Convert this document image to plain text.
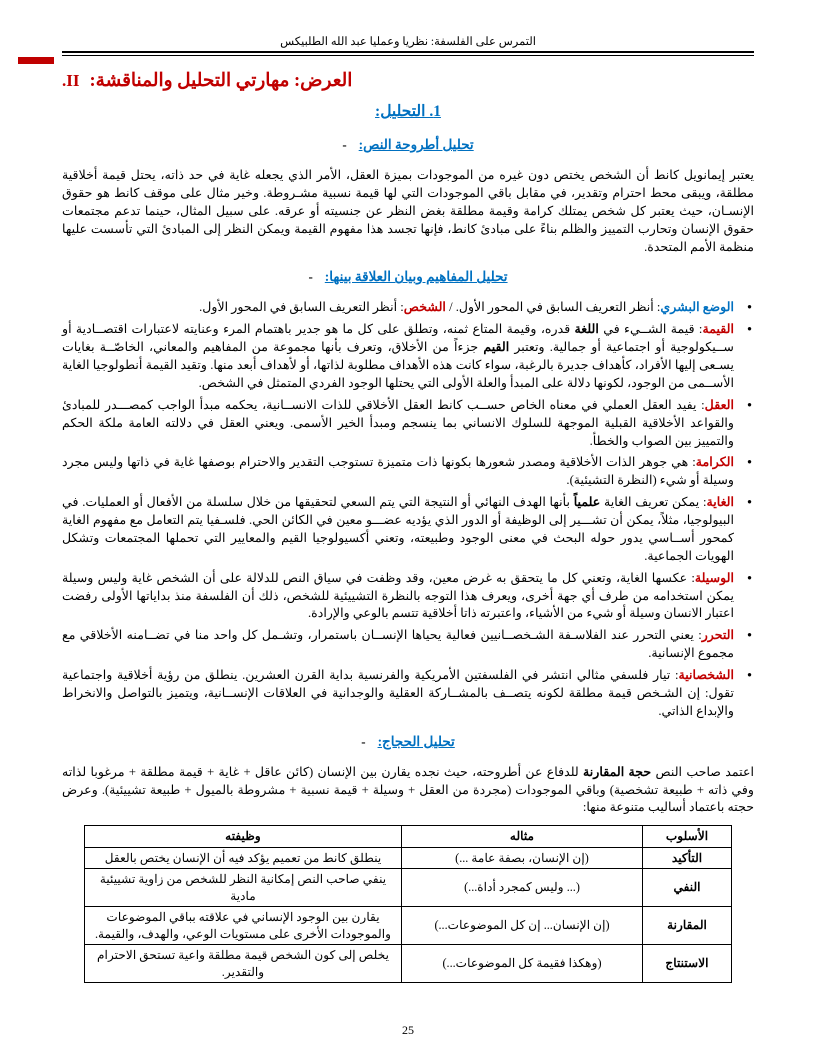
التمرس على الفلسفة: نظريا وعمليا عبد الله الطلبيكس
العرض: مهارتي التحليل والمناقشة:
II.
1. التحليل:
تحليل أطروحة النص:
-

يعتبر إيمانويل كانط أن الشخص يختص دون غيره من الموجودات بميزة العقل، الأمر الذي يجعله غاية في حد ذاته، يحتل قيمة أخلاقية مطلقة، ويبقى محط احترام وتقدير، في مقابل باقي الموجودات التي لها قيمة نسبية مشـروطة. وخير مثال على موقف كانط هو حقوق الإنسـان، حيث يعتبر كل شخص يمتلك كرامة وقيمة مطلقة بغض النظر عن جنسيته أو عرقه. على سبيل المثال، حينما تدعم مجتمعات حقوق الإنسان وتحارب التمييز والظلم بناءً على مبادئ كانط، فإنها تجسد هذا مفهوم القيمة ويمكن النظر إلى المبادئ التي تأسست عليها منظمة الأمم المتحدة.

تحليل المفاهيم وبيان العلاقة بينها:
-
● الوضع البشري: أنظر التعريف السابق في المحور الأول. / الشخص: أنظر التعريف السابق في المحور الأول.
● القيمة: قيمة الشــيء في اللغة قدره، وقيمة المتاع ثمنه، وتطلق على كل ما هو جدير باهتمام المرء وعنايته لاعتبارات اقتصــادية أو ســيكولوجية أو اجتماعية أو جمالية. وتعتبر القيم جزءاً من الأخلاق، وتعرف بأنها مجموعة من المفاهيم والمعاني، الخاصّــة بغايات يسـعى إليها الأفراد، كأهداف جديرة بالرغبة، سواء كانت هذه الأهداف مطلوبة لذاتها، أو لأهداف أبعد منها. وتقيد القيمة أنطولوجيا الغاية الأســمى من الوجود، لكونها دلالة على المبدأ والعلة الأولى التي يحتلها الوجود الفردي المتمثل في الشخص.
● العقل: يفيد العقل العملي في معناه الخاص حســب كانط العقل الأخلاقي للذات الانســانية، يحكمه مبدأ الواجب كمصـــدر للمبادئ والقواعد الأخلاقية القبلية الموجهة للسلوك الانساني بما ينسجم ومبدأ الخير الأسمى. ويعني العقل في دلالته العامة ملكة الحكم والتمييز بين الصواب والخطأ.
● الكرامة: هي جوهر الذات الأخلاقية ومصدر شعورها بكونها ذات متميزة تستوجب التقدير والاحترام بوصفها غاية في ذاتها وليس مجرد وسيلة أو شيء (النظرة التشيئية).
● الغاية: يمكن تعريف الغاية علمياً بأنها الهدف النهائي أو النتيجة التي يتم السعي لتحقيقها من خلال سلسلة من الأفعال أو العمليات. في البيولوجيا، مثلاً، يمكن أن تشـــير إلى الوظيفة أو الدور الذي يؤديه عضـــو معين في الكائن الحي. فلسـفيا يتم التعامل مع مفهوم الغاية كمحور أســاسي يدور حوله البحث في معنى الوجود وطبيعته، وتعني أكسيولوجيا القيم والمعايير التي تحملها المجتمعات وتشكل الهويات الجماعية.
● الوسيلة: عكسها الغاية، وتعني كل ما يتحقق به غرض معين، وقد وظفت في سياق النص للدلالة على أن الشخص غاية وليس وسيلة يمكن استخدامه من طرف أي جهة أخرى، ويعرف هذا التوجه بالنظرة التشييئية للشخص، ذلك أن الفلسفة منذ بداياتها الأولى رفضت اعتبار الانسان وسيلة أو شيء من الأشياء، واعتبرته ذاتا أخلاقية تتسم بالوعي والإرادة.
● التحرر: يعني التحرر عند الفلاسـفة الشـخصــانيين فعالية يحياها الإنســان باستمرار، وتشـمل كل واحد منا في تضــامنه الأخلاقي مع مجموع الإنسانية.
● الشخصانية: تيار فلسفي مثالي انتشر في الفلسفتين الأمريكية والفرنسية بداية القرن العشرين. ينطلق من رؤية أخلاقية واجتماعية تقول: إن الشـخص قيمة مطلقة لكونه يتصــف بالمشــاركة العقلية والوجدانية في العلاقات الإنســانية، ويتميز بالتواصل والانخراط والإبداع الذاتي.
تحليل الحجاج:
-

اعتمد صاحب النص حجة المقارنة للدفاع عن أطروحته، حيث نجده يقارن بين الإنسان (كائن عاقل + غاية + قيمة مطلقة + مرغوبا لذاته وفي ذاته + طبيعة تشخصية) وباقي الموجودات (مجردة من العقل + وسيلة + قيمة نسبية + مشروطة بالميول + طبيعة تشييئية). وعرض حجته باعتماد أساليب متنوعة منها:

الأسلوب	مثاله	وظيفته
التأكيد	(إن الإنسان، بصفة عامة ...)	ينطلق كانط من تعميم يؤكد فيه أن الإنسان يختص بالعقل
النفي	(... وليس كمجرد أداة...)	ينفي صاحب النص إمكانية النظر للشخص من زاوية تشييئية مادية
المقارنة	(إن الإنسان... إن كل الموضوعات...)	يقارن بين الوجود الإنساني في علاقته بباقي الموضوعات والموجودات الأخرى على مستويات الوعي، والهدف، والقيمة.
الاستنتاج	(وهكذا فقيمة كل الموضوعات...)	يخلص إلى كون الشخص قيمة مطلقة واعية تستحق الاحترام والتقدير.
25
